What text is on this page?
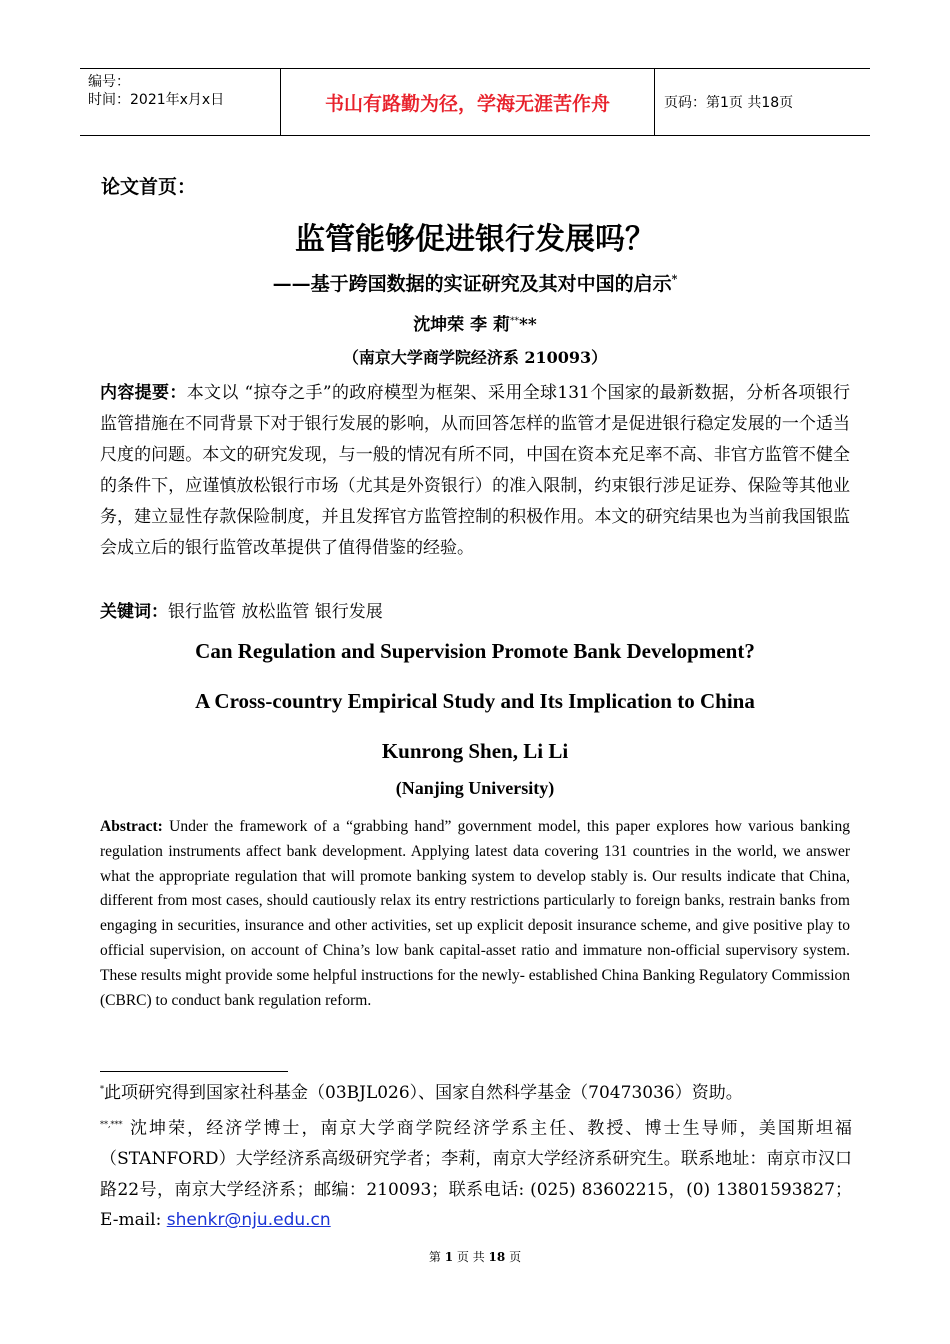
编号：
时间：2021年x月x日	书山有路勤为径，学海无涯苦作舟	页码：第1页 共18页
论文首页：
监管能够促进银行发展吗？
——基于跨国数据的实证研究及其对中国的启示*
沈坤荣 李 莉****
（南京大学商学院经济系 210093）
内容提要：本文以 “掠夺之手”的政府模型为框架、采用全球131个国家的最新数据，分析各项银行监管措施在不同背景下对于银行发展的影响，从而回答怎样的监管才是促进银行稳定发展的一个适当尺度的问题。本文的研究发现，与一般的情况有所不同，中国在资本充足率不高、非官方监管不健全的条件下，应谨慎放松银行市场（尤其是外资银行）的准入限制，约束银行涉足证券、保险等其他业务，建立显性存款保险制度，并且发挥官方监管控制的积极作用。本文的研究结果也为当前我国银监会成立后的银行监管改革提供了值得借鉴的经验。
关键词：银行监管 放松监管 银行发展
Can Regulation and Supervision Promote Bank Development?
A Cross-country Empirical Study and Its Implication to China
Kunrong Shen, Li Li
(Nanjing University)
Abstract: Under the framework of a “grabbing hand” government model, this paper explores how various banking regulation instruments affect bank development. Applying latest data covering 131 countries in the world, we answer what the appropriate regulation that will promote banking system to develop stably is. Our results indicate that China, different from most cases, should cautiously relax its entry restrictions particularly to foreign banks, restrain banks from engaging in securities, insurance and other activities, set up explicit deposit insurance scheme, and give positive play to official supervision, on account of China’s low bank capital-asset ratio and immature non-official supervisory system. These results might provide some helpful instructions for the newly- established China Banking Regulatory Commission (CBRC) to conduct bank regulation reform.
*此项研究得到国家社科基金（03BJL026）、国家自然科学基金（70473036）资助。
**,*** 沈坤荣，经济学博士，南京大学商学院经济学系主任、教授、博士生导师，美国斯坦福（STANFORD）大学经济系高级研究学者；李莉，南京大学经济系研究生。联系地址：南京市汉口路22号，南京大学经济系；邮编：210093；联系电话: (025) 83602215，(0) 13801593827； E-mail: shenkr@nju.edu.cn
第 1 页 共 18 页
